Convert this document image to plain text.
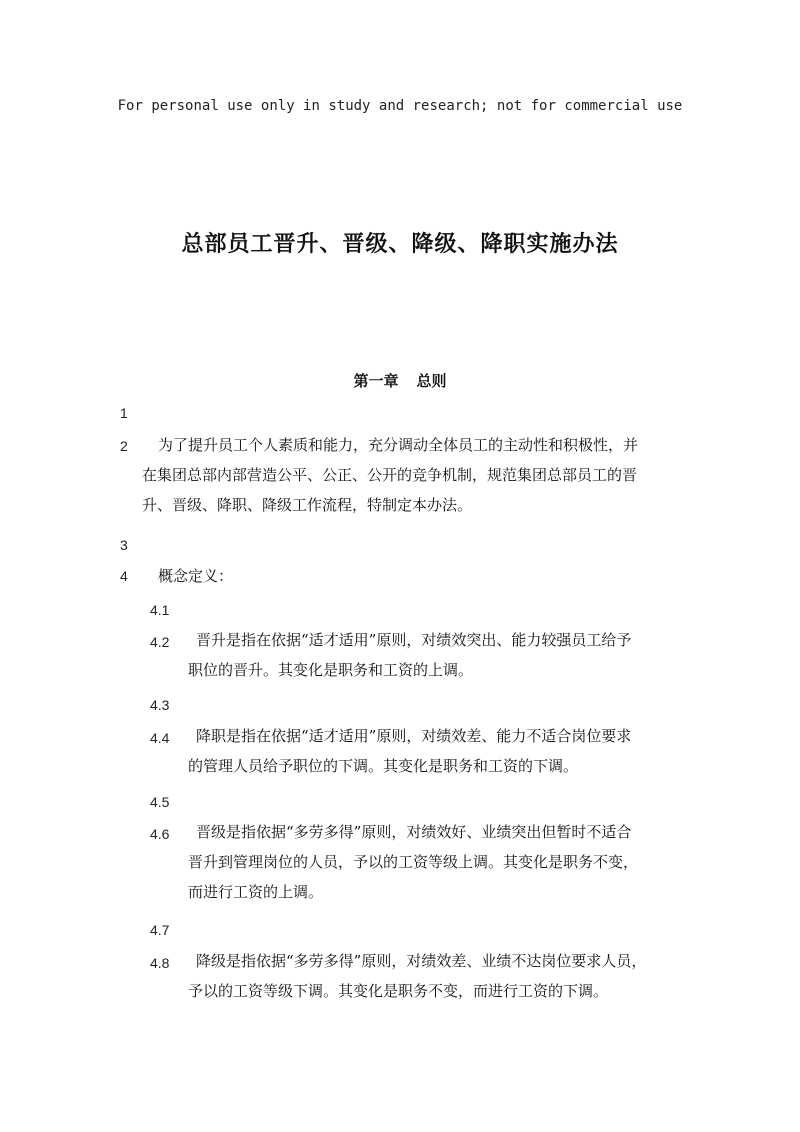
For personal use only in study and research; not for commercial use
总部员工晋升、晋级、降级、降职实施办法
第一章 总则
1
2	为了提升员工个人素质和能力，充分调动全体员工的主动性和积极性，并
在集团总部内部营造公平、公正、公开的竞争机制，规范集团总部员工的晋
升、晋级、降职、降级工作流程，特制定本办法。
3
4 概念定义：
4.1
4.2	晋升是指在依据“适才适用”原则，对绩效突出、能力较强员工给予
职位的晋升。其变化是职务和工资的上调。
4.3
4.4	降职是指在依据“适才适用”原则，对绩效差、能力不适合岗位要求
的管理人员给予职位的下调。其变化是职务和工资的下调。
4.5
4.6	晋级是指依据“多劳多得”原则，对绩效好、业绩突出但暂时不适合
晋升到管理岗位的人员，予以的工资等级上调。其变化是职务不变，
而进行工资的上调。
4.7
4.8	降级是指依据“多劳多得”原则，对绩效差、业绩不达岗位要求人员，
予以的工资等级下调。其变化是职务不变，而进行工资的下调。
